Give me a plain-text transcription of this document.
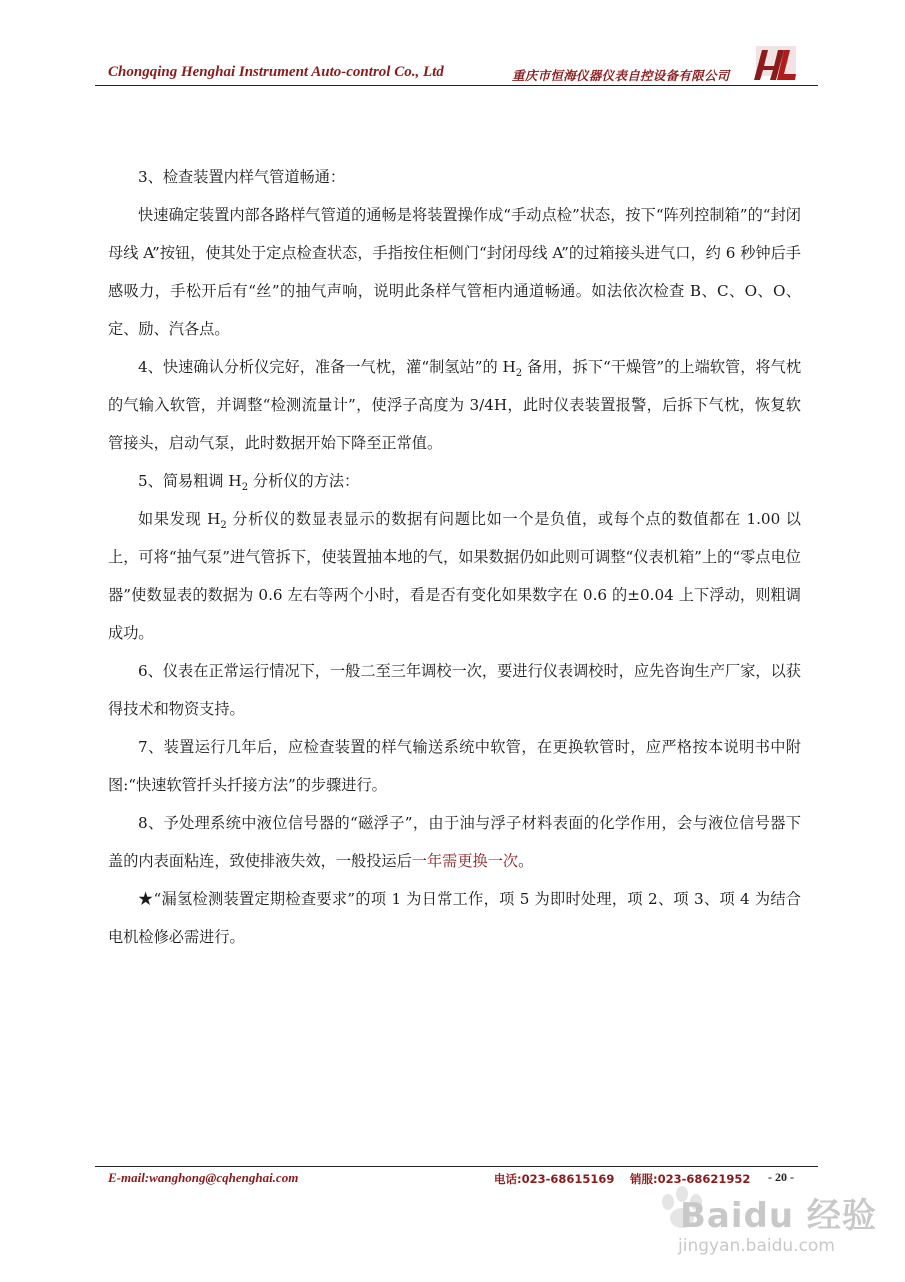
Chongqing Henghai Instrument Auto-control Co., Ltd	重庆市恒海仪器仪表自控设备有限公司

3、检查装置内样气管道畅通：

快速确定装置内部各路样气管道的通畅是将装置操作成“手动点检”状态，按下“阵列控制箱”的“封闭母线 A”按钮，使其处于定点检查状态，手指按住柜侧门“封闭母线 A”的过箱接头进气口，约 6 秒钟后手感吸力，手松开后有“丝”的抽气声响，说明此条样气管柜内通道畅通。如法依次检查 B、C、O、O、定、励、汽各点。

4、快速确认分析仪完好，准备一气枕，灌“制氢站”的 $H_2$ 备用，拆下“干燥管”的上端软管，将气枕的气输入软管，并调整“检测流量计”，使浮子高度为 3/4H，此时仪表装置报警，后拆下气枕，恢复软管接头，启动气泵，此时数据开始下降至正常值。

5、简易粗调 $H_2$ 分析仪的方法：

如果发现 $H_2$ 分析仪的数显表显示的数据有问题比如一个是负值，或每个点的数值都在 1.00 以上，可将“抽气泵”进气管拆下，使装置抽本地的气，如果数据仍如此则可调整“仪表机箱”上的“零点电位器”使数显表的数据为 0.6 左右等两个小时，看是否有变化如果数字在 0.6 的±0.04 上下浮动，则粗调成功。

6、仪表在正常运行情况下，一般二至三年调校一次，要进行仪表调校时，应先咨询生产厂家，以获得技术和物资支持。

7、装置运行几年后，应检查装置的样气输送系统中软管，在更换软管时，应严格按本说明书中附图:“快速软管扦头扦接方法”的步骤进行。

8、予处理系统中液位信号器的“磁浮子”，由于油与浮子材料表面的化学作用，会与液位信号器下盖的内表面粘连，致使排液失效，一般投运后一年需更换一次。

★“漏氢检测装置定期检查要求”的项 1 为日常工作，项 5 为即时处理，项 2、项 3、项 4 为结合电机检修必需进行。

E-mail:wanghong@cqhenghai.com	电话:023-68615169 销服:023-68621952 - 20 -
Baidu 经验
jingyan.baidu.com
